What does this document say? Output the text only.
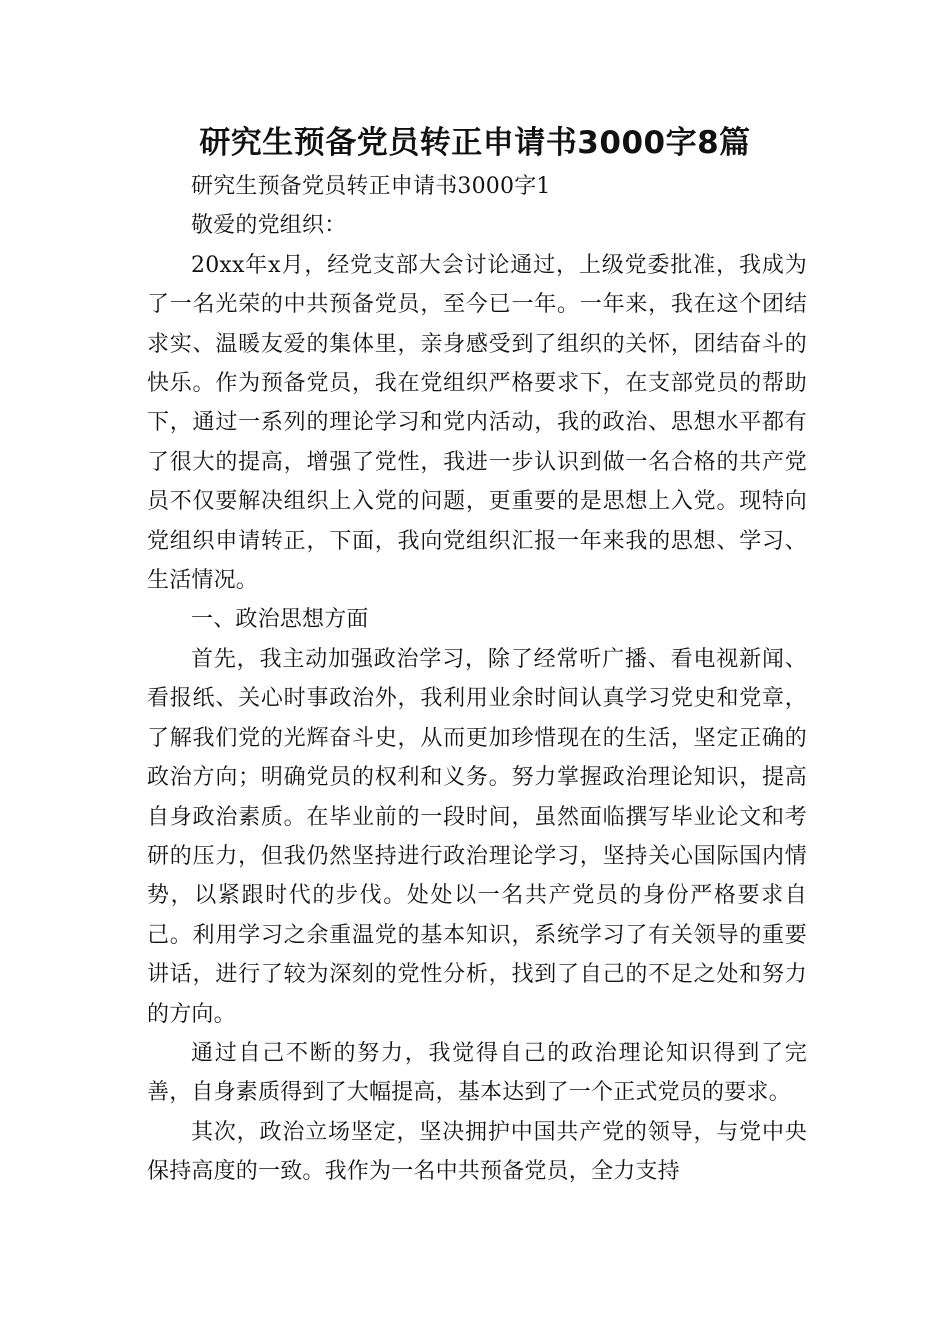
研究生预备党员转正申请书3000字8篇

研究生预备党员转正申请书3000字1

敬爱的党组织：

20xx年x月，经党支部大会讨论通过，上级党委批准，我成为了一名光荣的中共预备党员，至今已一年。一年来，我在这个团结求实、温暖友爱的集体里，亲身感受到了组织的关怀，团结奋斗的快乐。作为预备党员，我在党组织严格要求下，在支部党员的帮助下，通过一系列的理论学习和党内活动，我的政治、思想水平都有了很大的提高，增强了党性，我进一步认识到做一名合格的共产党员不仅要解决组织上入党的问题，更重要的是思想上入党。现特向党组织申请转正，下面，我向党组织汇报一年来我的思想、学习、生活情况。

一、政治思想方面

首先，我主动加强政治学习，除了经常听广播、看电视新闻、看报纸、关心时事政治外，我利用业余时间认真学习党史和党章，了解我们党的光辉奋斗史，从而更加珍惜现在的生活，坚定正确的政治方向；明确党员的权利和义务。努力掌握政治理论知识，提高自身政治素质。在毕业前的一段时间，虽然面临撰写毕业论文和考研的压力，但我仍然坚持进行政治理论学习，坚持关心国际国内情势，以紧跟时代的步伐。处处以一名共产党员的身份严格要求自己。利用学习之余重温党的基本知识，系统学习了有关领导的重要讲话，进行了较为深刻的党性分析，找到了自己的不足之处和努力的方向。

通过自己不断的努力，我觉得自己的政治理论知识得到了完善，自身素质得到了大幅提高，基本达到了一个正式党员的要求。

其次，政治立场坚定，坚决拥护中国共产党的领导，与党中央保持高度的一致。我作为一名中共预备党员，全力支持
